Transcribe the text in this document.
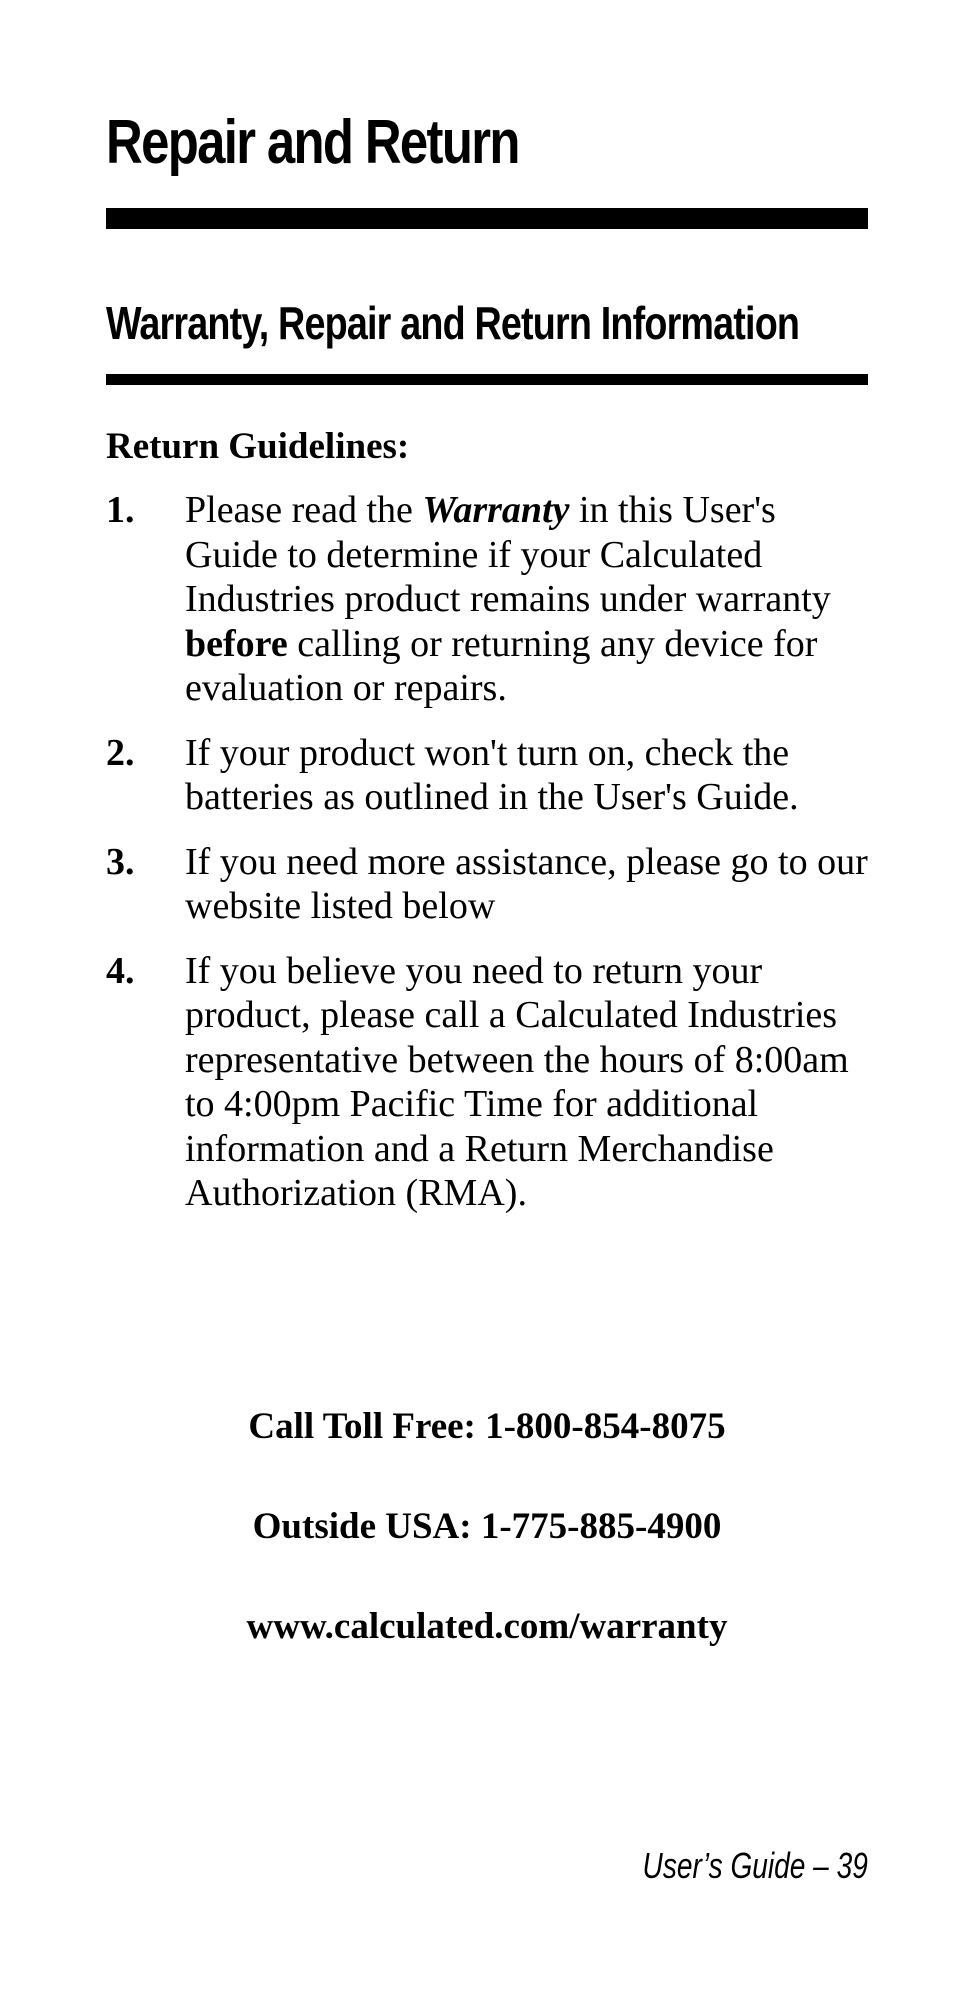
Repair and Return
Warranty, Repair and Return Information
Return Guidelines:
1. Please read the Warranty in this User's Guide to determine if your Calculated Industries product remains under warranty before calling or returning any device for evaluation or repairs.
2. If your product won't turn on, check the batteries as outlined in the User's Guide.
3. If you need more assistance, please go to our website listed below
4. If you believe you need to return your product, please call a Calculated Industries representative between the hours of 8:00am to 4:00pm Pacific Time for additional information and a Return Merchandise Authorization (RMA).

Call Toll Free: 1-800-854-8075

Outside USA: 1-775-885-4900

www.calculated.com/warranty

User’s Guide – 39
